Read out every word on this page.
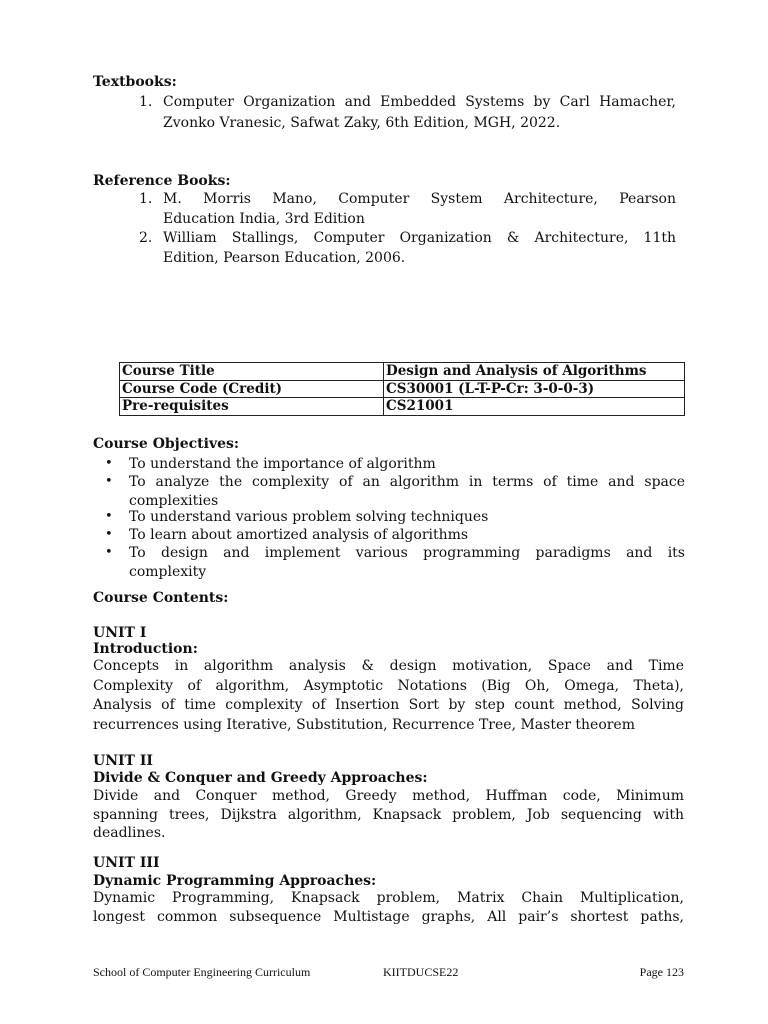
Textbooks:
1. Computer Organization and Embedded Systems by Carl Hamacher,
Zvonko Vranesic, Safwat Zaky, 6th Edition, MGH, 2022.
Reference Books:
1. M. Morris Mano, Computer System Architecture, Pearson
Education India, 3rd Edition
2. William Stallings, Computer Organization & Architecture, 11th
Edition, Pearson Education, 2006.
Course Title	Design and Analysis of Algorithms
Course Code (Credit)	CS30001 (L-T-P-Cr: 3-0-0-3)
Pre-requisites	CS21001
Course Objectives:
• To understand the importance of algorithm
• To analyze the complexity of an algorithm in terms of time and space
complexities
• To understand various problem solving techniques
• To learn about amortized analysis of algorithms
• To design and implement various programming paradigms and its
complexity
Course Contents:
UNIT I
Introduction:
Concepts in algorithm analysis & design motivation, Space and Time
Complexity of algorithm, Asymptotic Notations (Big Oh, Omega, Theta),
Analysis of time complexity of Insertion Sort by step count method, Solving
recurrences using Iterative, Substitution, Recurrence Tree, Master theorem
UNIT II
Divide & Conquer and Greedy Approaches:
Divide and Conquer method, Greedy method, Huffman code, Minimum
spanning trees, Dijkstra algorithm, Knapsack problem, Job sequencing with
deadlines.
UNIT III
Dynamic Programming Approaches:
Dynamic Programming, Knapsack problem, Matrix Chain Multiplication,
longest common subsequence Multistage graphs, All pair’s shortest paths,
School of Computer Engineering Curriculum	KIITDUCSE22	Page 123
